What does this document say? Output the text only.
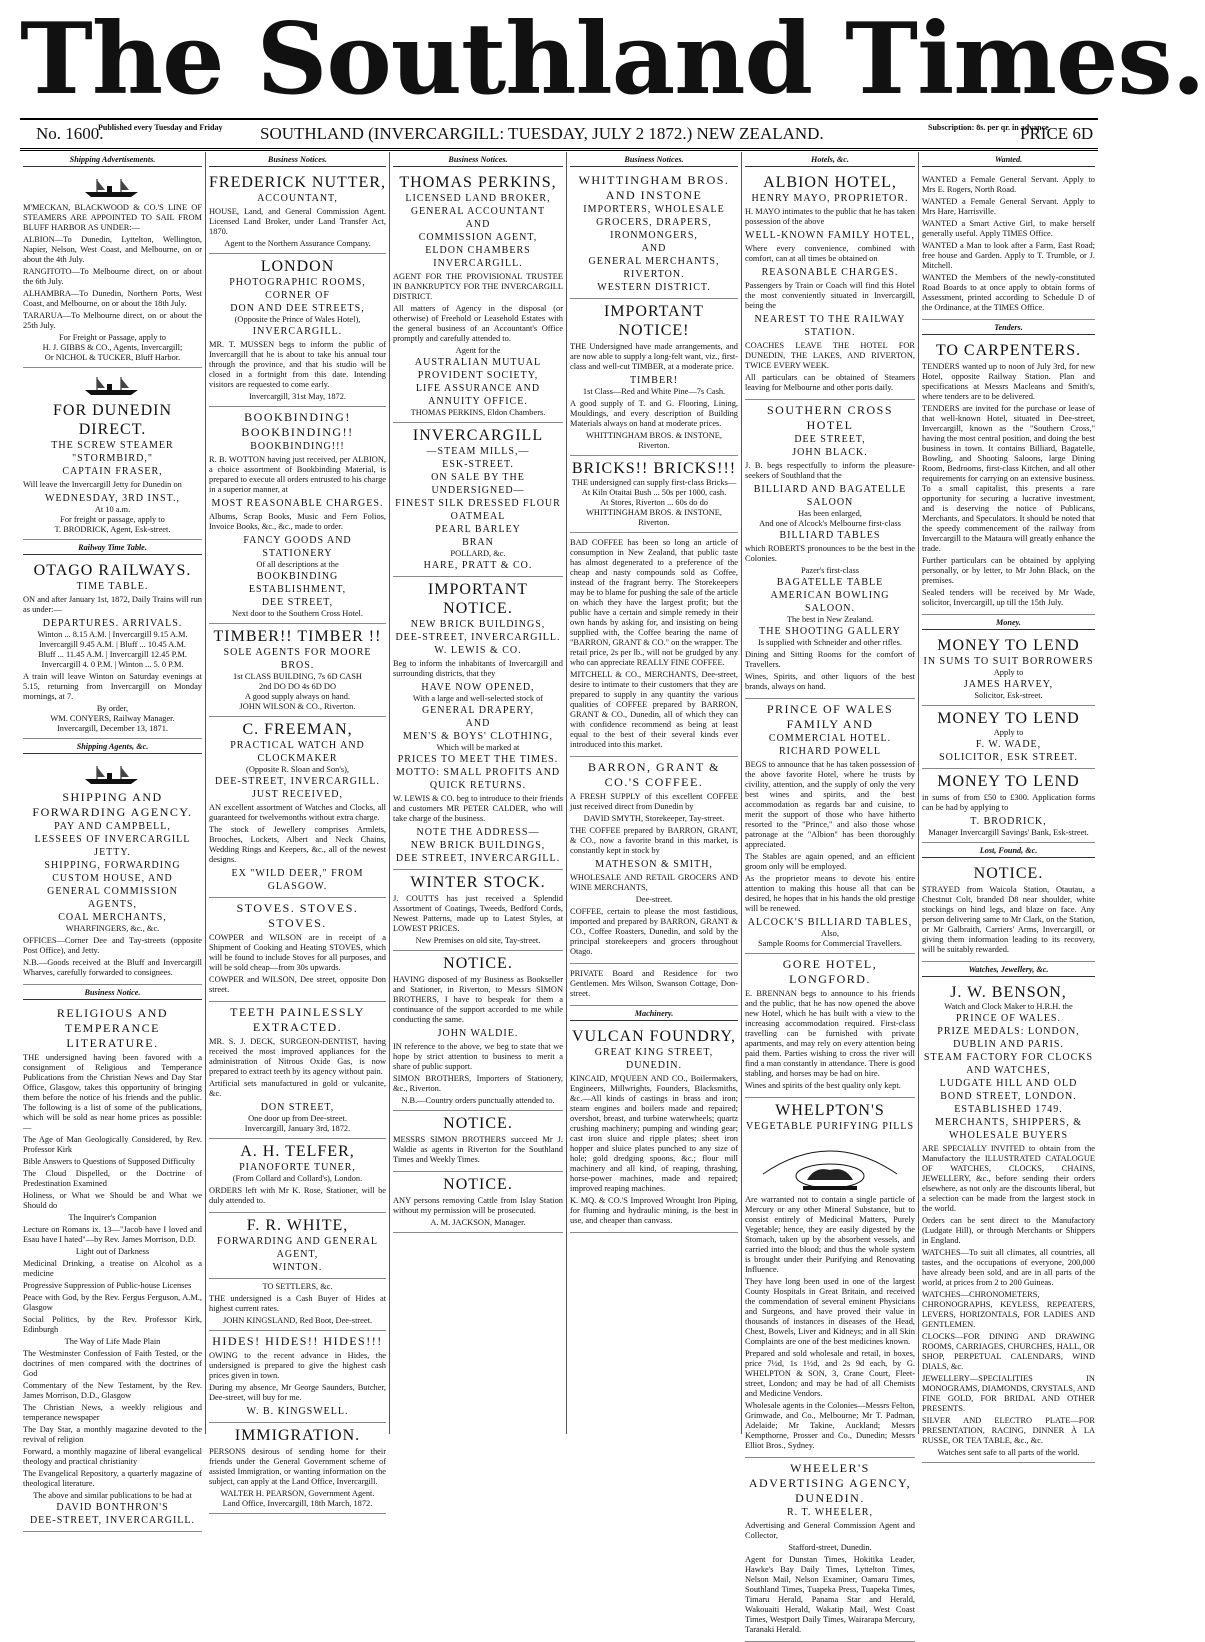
The Southland Times.
No. 1600.
Published every Tuesday and Friday SOUTHLAND (INVERCARGILL: TUESDAY, JULY 2 1872.) NEW ZEALAND.	Subscription: 8s. per qr. in advance
PRICE 6D
Shipping Advertisements.
M'MECKAN, BLACKWOOD & CO.'S LINE OF STEAMERS ARE APPOINTED TO SAIL FROM BLUFF HARBOR AS UNDER:—
ALBION—To Dunedin, Lyttelton, Wellington, Napier, Nelson, West Coast, and Melbourne, on or about the 4th July.
RANGITOTO—To Melbourne direct, on or about the 6th July.
ALHAMBRA—To Dunedin, Northern Ports, West Coast, and Melbourne, on or about the 18th July.
TARARUA—To Melbourne direct, on or about the 25th July.
For Freight or Passage, apply to
H. J. GIBBS & CO., Agents, Invercargill;
Or NICHOL & TUCKER, Bluff Harbor.
FOR DUNEDIN DIRECT.
THE SCREW STEAMER "STORMBIRD,"
CAPTAIN FRASER,
Will leave the Invercargill Jetty for Dunedin on
WEDNESDAY, 3RD INST.,
At 10 a.m.
For freight or passage, apply to
T. BRODRICK, Agent, Esk-street.
Railway Time Table.
OTAGO RAILWAYS.
TIME TABLE.
ON and after January 1st, 1872, Daily Trains will run as under:—
DEPARTURES. ARRIVALS.
Winton ... 8.15 A.M. | Invercargill 9.15 A.M.
Invercargill 9.45 A.M. | Bluff ... 10.45 A.M.
Bluff ... 11.45 A.M. | Invercargill 12.45 P.M.
Invercargill 4. 0 P.M. | Winton ... 5. 0 P.M.
A train will leave Winton on Saturday evenings at 5.15, returning from Invercargill on Monday mornings, at 7.
By order,
WM. CONYERS, Railway Manager.
Invercargill, December 13, 1871.
Shipping Agents, &c.
SHIPPING AND FORWARDING AGENCY.
PAY AND CAMPBELL,
LESSEES OF INVERCARGILL JETTY.
SHIPPING, FORWARDING
CUSTOM HOUSE, AND
GENERAL COMMISSION AGENTS,
COAL MERCHANTS,
WHARFINGERS, &c., &c.
OFFICES—Corner Dee and Tay-streets (opposite Post Office), and Jetty.
N.B.—Goods received at the Bluff and Invercargill Wharves, carefully forwarded to consignees.
Business Notice.
RELIGIOUS AND TEMPERANCE LITERATURE.
THE undersigned having been favored with a consignment of Religious and Temperance Publications from the Christian News and Day Star Office, Glasgow, takes this opportunity of bringing them before the notice of his friends and the public. The following is a list of some of the publications, which will be sold as near home prices as possible:—
The Age of Man Geologically Considered, by Rev. Professor Kirk
Bible Answers to Questions of Supposed Difficulty
The Cloud Dispelled, or the Doctrine of Predestination Examined
Holiness, or What we Should be and What we Should do
The Inquirer's Companion
Lecture on Romans ix. 13—"Jacob have I loved and Esau have I hated"—by Rev. James Morrison, D.D.
Light out of Darkness
Medicinal Drinking, a treatise on Alcohol as a medicine
Progressive Suppression of Public-house Licenses
Peace with God, by the Rev. Fergus Ferguson, A.M., Glasgow
Social Politics, by the Rev. Professor Kirk, Edinburgh
The Way of Life Made Plain
The Westminster Confession of Faith Tested, or the doctrines of men compared with the doctrines of God
Commentary of the New Testament, by the Rev. James Morrison, D.D., Glasgow
The Christian News, a weekly religious and temperance newspaper
The Day Star, a monthly magazine devoted to the revival of religion
Forward, a monthly magazine of liberal evangelical theology and practical christianity
The Evangelical Repository, a quarterly magazine of theological literature.
The above and similar publications to be had at
DAVID BONTHRON'S
DEE-STREET, INVERCARGILL.
Business Notices.
FREDERICK NUTTER,
ACCOUNTANT,
HOUSE, Land, and General Commission Agent. Licensed Land Broker, under Land Transfer Act, 1870.
Agent to the Northern Assurance Company.
LONDON
PHOTOGRAPHIC ROOMS,
CORNER OF
DON AND DEE STREETS,
(Opposite the Prince of Wales Hotel),
INVERCARGILL.
MR. T. MUSSEN begs to inform the public of Invercargill that he is about to take his annual tour through the province, and that his studio will be closed in a fortnight from this date. Intending visitors are requested to come early.
Invercargill, 31st May, 1872.
BOOKBINDING! BOOKBINDING!!
BOOKBINDING!!!
R. B. WOTTON having just received, per ALBION, a choice assortment of Bookbinding Material, is prepared to execute all orders entrusted to his charge in a superior manner, at
MOST REASONABLE CHARGES.
Albums, Scrap Books, Music and Fern Folios, Invoice Books, &c., &c., made to order.
FANCY GOODS AND STATIONERY
Of all descriptions at the
BOOKBINDING ESTABLISHMENT,
DEE STREET,
Next door to the Southern Cross Hotel.
TIMBER!! TIMBER !!
SOLE AGENTS FOR MOORE BROS.
1st CLASS BUILDING, 7s 6D CASH
2nd DO DO 4s 6D DO
A good supply always on hand.
JOHN WILSON & CO., Riverton.
C. FREEMAN,
PRACTICAL WATCH AND CLOCKMAKER
(Opposite R. Sloan and Son's),
DEE-STREET, INVERCARGILL.
JUST RECEIVED,
AN excellent assortment of Watches and Clocks, all guaranteed for twelvemonths without extra charge.
The stock of Jewellery comprises Armlets, Brooches, Lockets, Albert and Neck Chains, Wedding Rings and Keepers, &c., all of the newest designs.
EX "WILD DEER," FROM GLASGOW.
STOVES. STOVES. STOVES.
COWPER and WILSON are in receipt of a Shipment of Cooking and Heating STOVES, which will be found to include Stoves for all purposes, and will be sold cheap—from 30s upwards.
COWPER and WILSON, Dee street, opposite Don street.
TEETH PAINLESSLY EXTRACTED.
MR. S. J. DECK, SURGEON-DENTIST, having received the most improved appliances for the administration of Nitrous Oxide Gas, is now prepared to extract teeth by its agency without pain.
Artificial sets manufactured in gold or vulcanite, &c.
DON STREET,
One door up from Dee-street.
Invercargill, January 3rd, 1872.
A. H. TELFER,
PIANOFORTE TUNER,
(From Collard and Collard's), London.
ORDERS left with Mr K. Rose, Stationer, will be duly attended to.
F. R. WHITE,
FORWARDING AND GENERAL AGENT,
WINTON.
TO SETTLERS, &c.
THE undersigned is a Cash Buyer of Hides at highest current rates.
JOHN KINGSLAND, Red Boot, Dee-street.
HIDES! HIDES!! HIDES!!!
OWING to the recent advance in Hides, the undersigned is prepared to give the highest cash prices given in town.
During my absence, Mr George Saunders, Butcher, Dee-street, will buy for me.
W. B. KINGSWELL.
IMMIGRATION.
PERSONS desirous of sending home for their friends under the General Government scheme of assisted Immigration, or wanting information on the subject, can apply at the Land Office, Invercargill.
WALTER H. PEARSON, Government Agent.
Land Office, Invercargill, 18th March, 1872.
Business Notices.
THOMAS PERKINS,
LICENSED LAND BROKER,
GENERAL ACCOUNTANT
AND
COMMISSION AGENT,
ELDON CHAMBERS
INVERCARGILL.
AGENT FOR THE PROVISIONAL TRUSTEE IN BANKRUPTCY FOR THE INVERCARGILL DISTRICT.
All matters of Agency in the disposal (or otherwise) of Freehold or Leasehold Estates with the general business of an Accountant's Office promptly and carefully attended to.
Agent for the
AUSTRALIAN MUTUAL PROVIDENT SOCIETY,
LIFE ASSURANCE AND ANNUITY OFFICE.
THOMAS PERKINS, Eldon Chambers.
INVERCARGILL
—STEAM MILLS,—
ESK-STREET.
ON SALE BY THE UNDERSIGNED—
FINEST SILK DRESSED FLOUR
OATMEAL
PEARL BARLEY
BRAN
POLLARD, &c.
HARE, PRATT & CO.
IMPORTANT NOTICE.
NEW BRICK BUILDINGS,
DEE-STREET, INVERCARGILL.
W. LEWIS & CO.
Beg to inform the inhabitants of Invercargill and surrounding districts, that they
HAVE NOW OPENED,
With a large and well-selected stock of
GENERAL DRAPERY,
AND
MEN'S & BOYS' CLOTHING,
Which will be marked at
PRICES TO MEET THE TIMES.
MOTTO: SMALL PROFITS AND QUICK RETURNS.
W. LEWIS & CO. beg to introduce to their friends and customers MR PETER CALDER, who will take charge of the business.
NOTE THE ADDRESS—
NEW BRICK BUILDINGS,
DEE STREET, INVERCARGILL.
WINTER STOCK.
J. COUTTS has just received a Splendid Assortment of Coatings, Tweeds, Bedford Cords, Newest Patterns, made up to Latest Styles, at LOWEST PRICES.
New Premises on old site, Tay-street.
NOTICE.
HAVING disposed of my Business as Bookseller and Stationer, in Riverton, to Messrs SIMON BROTHERS, I have to bespeak for them a continuance of the support accorded to me while conducting the same.
JOHN WALDIE.
IN reference to the above, we beg to state that we hope by strict attention to business to merit a share of public support.
SIMON BROTHERS, Importers of Stationery, &c., Riverton.
N.B.—Country orders punctually attended to.
NOTICE.
MESSRS SIMON BROTHERS succeed Mr J. Waldie as agents in Riverton for the Southland Times and Weekly Times.
NOTICE.
ANY persons removing Cattle from Islay Station without my permission will be prosecuted.
A. M. JACKSON, Manager.
Business Notices.
WHITTINGHAM BROS. AND INSTONE
IMPORTERS, WHOLESALE
GROCERS, DRAPERS, IRONMONGERS,
AND
GENERAL MERCHANTS,
RIVERTON.
WESTERN DISTRICT.
IMPORTANT NOTICE!
THE Undersigned have made arrangements, and are now able to supply a long-felt want, viz., first-class and well-cut TIMBER, at a moderate price.
TIMBER!
1st Class—Red and White Pine—7s Cash.
A good supply of T. and G. Flooring, Lining, Mouldings, and every description of Building Materials always on hand at moderate prices.
WHITTINGHAM BROS. & INSTONE, Riverton.
BRICKS!! BRICKS!!!
THE undersigned can supply first-class Bricks—
At Kiln Otaitai Bush ... 50s per 1000, cash.
At Stores, Riverton ... 60s do do
WHITTINGHAM BROS. & INSTONE, Riverton.
BAD COFFEE has been so long an article of consumption in New Zealand, that public taste has almost degenerated to a preference of the cheap and nasty compounds sold as Coffee, instead of the fragrant berry. The Storekeepers may be to blame for pushing the sale of the article on which they have the largest profit; but the public have a certain and simple remedy in their own hands by asking for, and insisting on being supplied with, the Coffee bearing the name of "BARRON, GRANT & CO." on the wrapper. The retail price, 2s per lb., will not be grudged by any who can appreciate REALLY FINE COFFEE.
MITCHELL & CO., MERCHANTS, Dee-street, desire to intimate to their customers that they are prepared to supply in any quantity the various qualities of COFFEE prepared by BARRON, GRANT & CO., Dunedin, all of which they can with confidence recommend as being at least equal to the best of their several kinds ever introduced into this market.
BARRON, GRANT & CO.'S COFFEE.
A FRESH SUPPLY of this excellent COFFEE just received direct from Dunedin by
DAVID SMYTH, Storekeeper, Tay-street.
THE COFFEE prepared by BARRON, GRANT, & CO., now a favorite brand in this market, is constantly kept in stock by
MATHESON & SMITH,
WHOLESALE AND RETAIL GROCERS AND WINE MERCHANTS,
Dee-street.
COFFEE, certain to please the most fastidious, imported and prepared by BARRON, GRANT & CO., Coffee Roasters, Dunedin, and sold by the principal storekeepers and grocers throughout Otago.
PRIVATE Board and Residence for two Gentlemen. Mrs Wilson, Swanson Cottage, Don-street.
Machinery.
VULCAN FOUNDRY,
GREAT KING STREET, DUNEDIN.
KINCAID, M'QUEEN AND CO., Boilermakers, Engineers, Millwrights, Founders, Blacksmiths, &c.—All kinds of castings in brass and iron; steam engines and boilers made and repaired; overshot, breast, and turbine waterwheels; quartz crushing machinery; pumping and winding gear; cast iron sluice and ripple plates; sheet iron hopper and sluice plates punched to any size of hole; gold dredging spoons, &c.; flour mill machinery and all kind, of reaping, thrashing, horse-power machines, made and repaired; improved reaping machines.
K. MQ. & CO.'S Improved Wrought Iron Piping, for fluming and hydraulic mining, is the best in use, and cheaper than canvass.
Hotels, &c.
ALBION HOTEL,
HENRY MAYO, PROPRIETOR.
H. MAYO intimates to the public that he has taken possession of the above
WELL-KNOWN FAMILY HOTEL,
Where every convenience, combined with comfort, can at all times be obtained on
REASONABLE CHARGES.
Passengers by Train or Coach will find this Hotel the most conveniently situated in Invercargill, being the
NEAREST TO THE RAILWAY STATION.
COACHES LEAVE THE HOTEL FOR DUNEDIN, THE LAKES, AND RIVERTON, TWICE EVERY WEEK.
All particulars can be obtained of Steamers leaving for Melbourne and other ports daily.
SOUTHERN CROSS HOTEL
DEE STREET,
JOHN BLACK.
J. B. begs respectfully to inform the pleasure-seekers of Southland that the
BILLIARD AND BAGATELLE SALOON
Has been enlarged,
And one of Alcock's Melbourne first-class
BILLIARD TABLES
which ROBERTS pronounces to be the best in the Colonies.
Pazer's first-class
BAGATELLE TABLE
AMERICAN BOWLING SALOON.
The best in New Zealand.
THE SHOOTING GALLERY
Is supplied with Schneider and other rifles.
Dining and Sitting Rooms for the comfort of Travellers.
Wines, Spirits, and other liquors of the best brands, always on hand.
PRINCE OF WALES FAMILY AND
COMMERCIAL HOTEL.
RICHARD POWELL
BEGS to announce that he has taken possession of the above favorite Hotel, where he trusts by civility, attention, and the supply of only the very best wines and spirits, and the best accommodation as regards bar and cuisine, to merit the support of those who have hitherto resorted to the "Prince," and also those whose patronage at the "Albion" has been thoroughly appreciated.
The Stables are again opened, and an efficient groom only will be employed.
As the proprietor means to devote his entire attention to making this house all that can be desired, he hopes that in his hands the old prestige will be renewed.
ALCOCK'S BILLIARD TABLES,
Also,
Sample Rooms for Commercial Travellers.
GORE HOTEL, LONGFORD.
E. BRENNAN begs to announce to his friends and the public, that he has now opened the above new Hotel, which he has built with a view to the increasing accommodation required. First-class travelling can be furnished with private apartments, and may rely on every attention being paid them. Parties wishing to cross the river will find a man constantly in attendance. There is good stabling, and horses may be had on hire.
Wines and spirits of the best quality only kept.
WHELPTON'S
VEGETABLE PURIFYING PILLS
Are warranted not to contain a single particle of Mercury or any other Mineral Substance, but to consist entirely of Medicinal Matters, Purely Vegetable; hence, they are easily digested by the Stomach, taken up by the absorbent vessels, and carried into the blood; and thus the whole system is brought under their Purifying and Renovating Influence.
They have long been used in one of the largest County Hospitals in Great Britain, and received the commendation of several eminent Physicians and Surgeons, and have proved their value in thousands of instances in diseases of the Head, Chest, Bowels, Liver and Kidneys; and in all Skin Complaints are one of the best medicines known.
Prepared and sold wholesale and retail, in boxes, price 7½d, 1s 1½d, and 2s 9d each, by G. WHELPTON & SON, 3, Crane Court, Fleet-street, London; and may be had of all Chemists and Medicine Vendors.
Wholesale agents in the Colonies—Messrs Felton, Grimwade, and Co., Melbourne; Mr T. Padman, Adelaide; Mr Takine, Auckland; Messrs Kempthorne, Prosser and Co., Dunedin; Messrs Elliot Bros., Sydney.
WHEELER'S ADVERTISING AGENCY, DUNEDIN.
R. T. WHEELER,
Advertising and General Commission Agent and Collector,
Stafford-street, Dunedin.
Agent for Dunstan Times, Hokitika Leader, Hawke's Bay Daily Times, Lyttelton Times, Nelson Mail, Nelson Examiner, Oamaru Times, Southland Times, Tuapeka Press, Tuapeka Times, Timaru Herald, Panama Star and Herald, Wakouaiti Herald, Wakatip Mail, West Coast Times, Westport Daily Times, Wairarapa Mercury, Taranaki Herald.
Wanted.
WANTED a Female General Servant. Apply to Mrs E. Rogers, North Road.
WANTED a Female General Servant. Apply to Mrs Hare, Harrisville.
WANTED a Smart Active Girl, to make herself generally useful. Apply TIMES Office.
WANTED a Man to look after a Farm, East Road; free house and Garden. Apply to T. Trumble, or J. Mitchell.
WANTED the Members of the newly-constituted Road Boards to at once apply to obtain forms of Assessment, printed according to Schedule D of the Ordinance, at the TIMES Office.
Tenders.
TO CARPENTERS.
TENDERS wanted up to noon of July 3rd, for new Hotel, opposite Railway Station. Plan and specifications at Messrs Macleans and Smith's, where tenders are to be delivered.
TENDERS are invited for the purchase or lease of that well-known Hotel, situated in Dee-street, Invercargill, known as the "Southern Cross," having the most central position, and doing the best business in town. It contains Billiard, Bagatelle, Bowling, and Shooting Saloons, large Dining Room, Bedrooms, first-class Kitchen, and all other requirements for carrying on an extensive business. To a small capitalist, this presents a rare opportunity for securing a lucrative investment, and is deserving the notice of Publicans, Merchants, and Speculators. It should be noted that the speedy commencement of the railway from Invercargill to the Mataura will greatly enhance the trade.
Further particulars can be obtained by applying personally, or by letter, to Mr John Black, on the premises.
Sealed tenders will be received by Mr Wade, solicitor, Invercargill, up till the 15th July.
Money.
MONEY TO LEND
IN SUMS TO SUIT BORROWERS
Apply to
JAMES HARVEY,
Solicitor, Esk-street.
MONEY TO LEND
Apply to
F. W. WADE,
SOLICITOR, ESK STREET.
MONEY TO LEND
in sums of from £50 to £300. Application forms can be had by applying to
T. BRODRICK,
Manager Invercargill Savings' Bank, Esk-street.
Lost, Found, &c.
NOTICE.
STRAYED from Waicola Station, Otautau, a Chestnut Colt, branded D8 near shoulder, white stockings on hind legs, and blaze on face. Any person delivering same to Mr Clark, on the Station, or Mr Galbraith, Carriers' Arms, Invercargill, or giving them information leading to its recovery, will be suitably rewarded.
Watches, Jewellery, &c.
J. W. BENSON,
Watch and Clock Maker to H.R.H. the
PRINCE OF WALES.
PRIZE MEDALS: LONDON, DUBLIN AND PARIS.
STEAM FACTORY FOR CLOCKS AND WATCHES,
LUDGATE HILL AND OLD BOND STREET, LONDON.
ESTABLISHED 1749.
MERCHANTS, SHIPPERS, & WHOLESALE BUYERS
ARE SPECIALLY INVITED to obtain from the Manufactory the ILLUSTRATED CATALOGUE OF WATCHES, CLOCKS, CHAINS, JEWELLERY, &c., before sending their orders elsewhere, as not only are the discounts liberal, but a selection can be made from the largest stock in the world.
Orders can be sent direct to the Manufactory (Ludgate Hill), or through Merchants or Shippers in England.
WATCHES—To suit all climates, all countries, all tastes, and the occupations of everyone, 200,000 have already been sold, and are in all parts of the world, at prices from 2 to 200 Guineas.
WATCHES—CHRONOMETERS, CHRONOGRAPHS, KEYLESS, REPEATERS, LEVERS, HORIZONTALS, FOR LADIES AND GENTLEMEN.
CLOCKS—FOR DINING AND DRAWING ROOMS, CARRIAGES, CHURCHES, HALL, OR SHOP, PERPETUAL CALENDARS, WIND DIALS, &c.
JEWELLERY—SPECIALITIES IN MONOGRAMS, DIAMONDS, CRYSTALS, AND FINE GOLD, FOR BRIDAL AND OTHER PRESENTS.
SILVER AND ELECTRO PLATE—FOR PRESENTATION, RACING, DINNER À LA RUSSE, OR TEA TABLE, &c., &c.
Watches sent safe to all parts of the world.
